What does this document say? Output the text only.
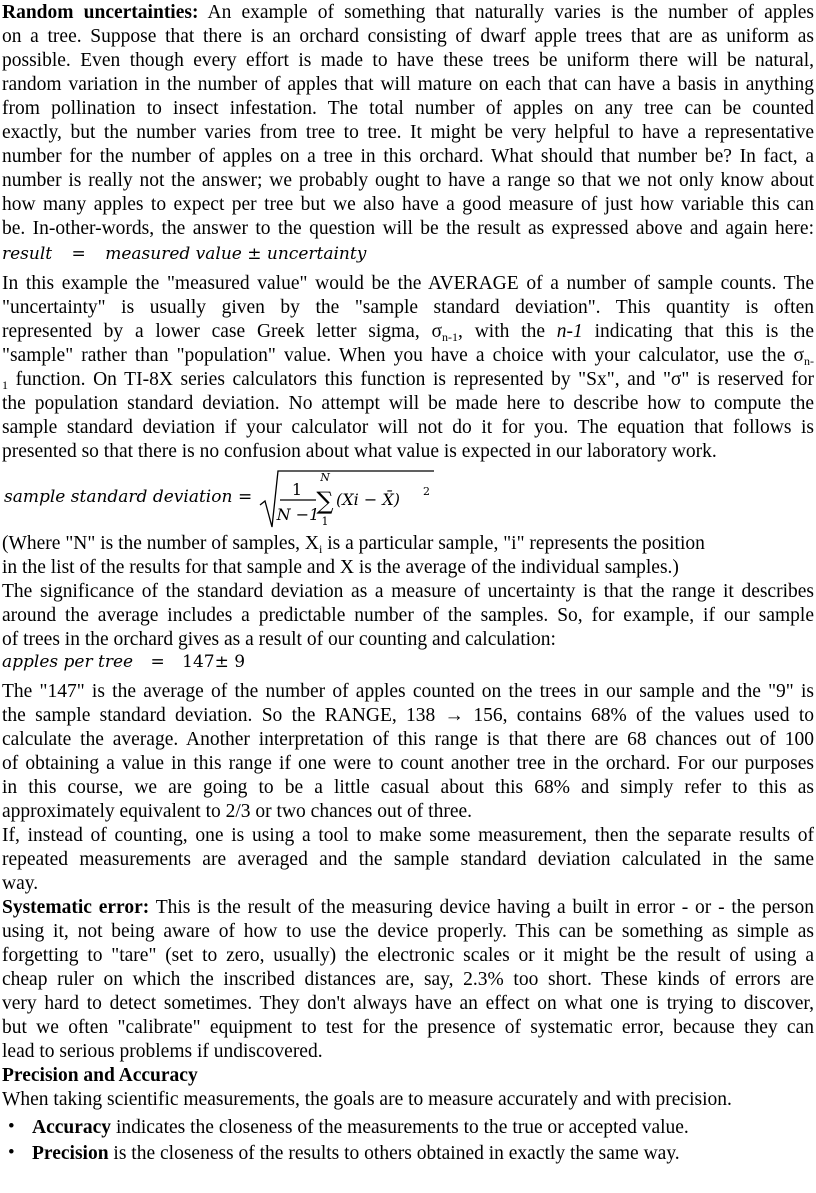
Random uncertainties: An example of something that naturally varies is the number of apples
on a tree. Suppose that there is an orchard consisting of dwarf apple trees that are as uniform as
possible. Even though every effort is made to have these trees be uniform there will be natural,
random variation in the number of apples that will mature on each that can have a basis in anything
from pollination to insect infestation. The total number of apples on any tree can be counted
exactly, but the number varies from tree to tree. It might be very helpful to have a representative
number for the number of apples on a tree in this orchard. What should that number be? In fact, a
number is really not the answer; we probably ought to have a range so that we not only know about
how many apples to expect per tree but we also have a good measure of just how variable this can
be. In-other-words, the answer to the question will be the result as expressed above and again here:
result = measured value ± uncertainty
In this example the "measured value" would be the AVERAGE of a number of sample counts. The
"uncertainty" is usually given by the "sample standard deviation". This quantity is often
represented by a lower case Greek letter sigma, $\sigma_{n-1}$, with the n-1 indicating that this is the
"sample" rather than "population" value. When you have a choice with your calculator, use the $\sigma_{n-}$
$_1$ function. On TI-8X series calculators this function is represented by "Sx", and "σ" is reserved for
the population standard deviation. No attempt will be made here to describe how to compute the
sample standard deviation if your calculator will not do it for you. The equation that follows is
presented so that there is no confusion about what value is expected in our laboratory work.
sample standard deviation = 1
N −1
N
∑
1
(Xi − X̄) 2
(Where "N" is the number of samples, $X_i$ is a particular sample, "i" represents the position
in the list of the results for that sample and X is the average of the individual samples.)
The significance of the standard deviation as a measure of uncertainty is that the range it describes
around the average includes a predictable number of the samples. So, for example, if our sample
of trees in the orchard gives as a result of our counting and calculation:
apples per tree = 147± 9
The "147" is the average of the number of apples counted on the trees in our sample and the "9" is
the sample standard deviation. So the RANGE, 138 → 156, contains 68% of the values used to
calculate the average. Another interpretation of this range is that there are 68 chances out of 100
of obtaining a value in this range if one were to count another tree in the orchard. For our purposes
in this course, we are going to be a little casual about this 68% and simply refer to this as
approximately equivalent to 2/3 or two chances out of three.
If, instead of counting, one is using a tool to make some measurement, then the separate results of
repeated measurements are averaged and the sample standard deviation calculated in the same
way.
Systematic error: This is the result of the measuring device having a built in error - or - the person
using it, not being aware of how to use the device properly. This can be something as simple as
forgetting to "tare" (set to zero, usually) the electronic scales or it might be the result of using a
cheap ruler on which the inscribed distances are, say, 2.3% too short. These kinds of errors are
very hard to detect sometimes. They don't always have an effect on what one is trying to discover,
but we often "calibrate" equipment to test for the presence of systematic error, because they can
lead to serious problems if undiscovered.
Precision and Accuracy
When taking scientific measurements, the goals are to measure accurately and with precision.
• Accuracy indicates the closeness of the measurements to the true or accepted value.
• Precision is the closeness of the results to others obtained in exactly the same way.
